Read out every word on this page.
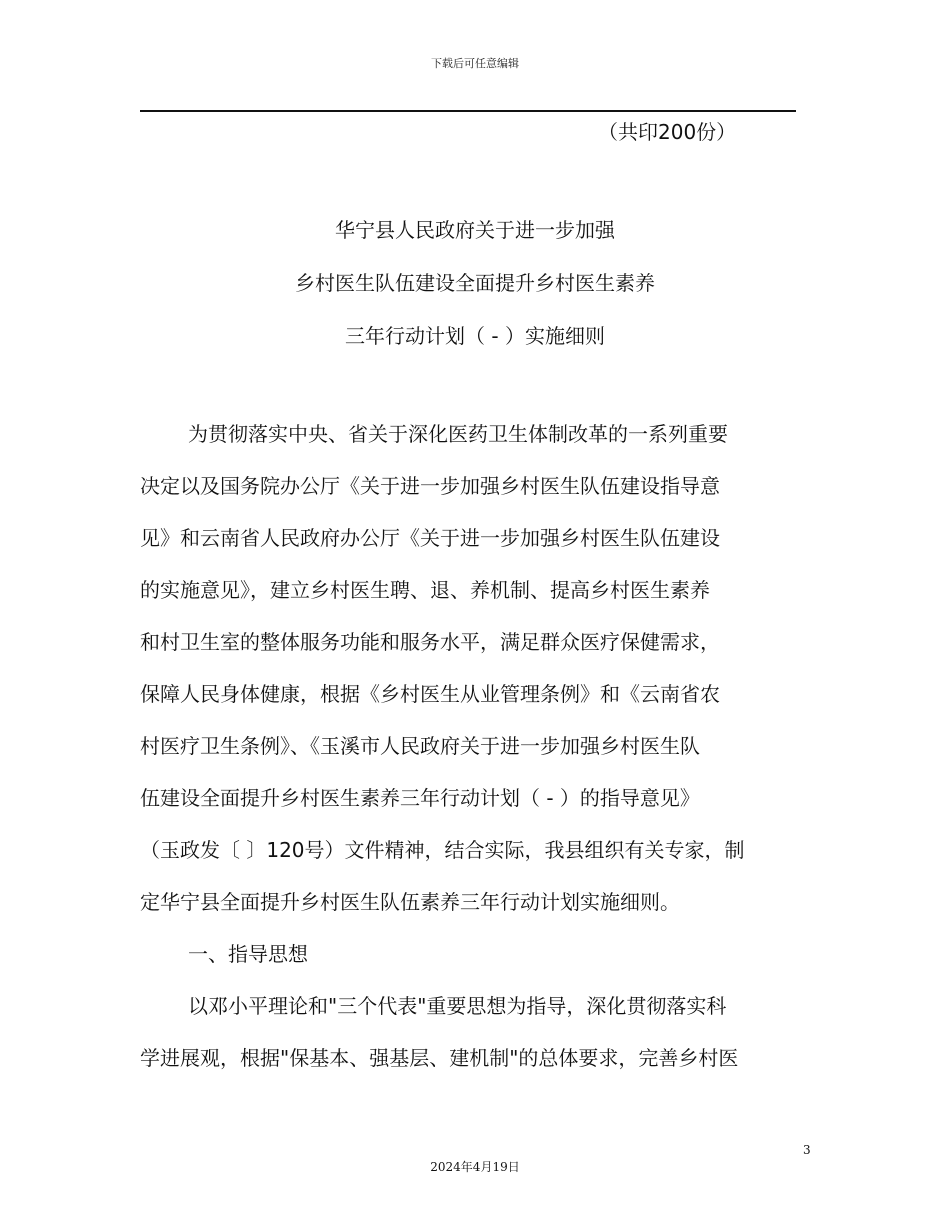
下载后可任意编辑
（共印200份）
华宁县人民政府关于进一步加强
乡村医生队伍建设全面提升乡村医生素养
三年行动计划（ - ）实施细则
为贯彻落实中央、省关于深化医药卫生体制改革的一系列重要
决定以及国务院办公厅《关于进一步加强乡村医生队伍建设指导意
见》和云南省人民政府办公厅《关于进一步加强乡村医生队伍建设
的实施意见》，建立乡村医生聘、退、养机制、提高乡村医生素养
和村卫生室的整体服务功能和服务水平，满足群众医疗保健需求，
保障人民身体健康，根据《乡村医生从业管理条例》和《云南省农
村医疗卫生条例》、《玉溪市人民政府关于进一步加强乡村医生队
伍建设全面提升乡村医生素养三年行动计划（ - ）的指导意见》
（玉政发〔 〕120号）文件精神，结合实际，我县组织有关专家，制
定华宁县全面提升乡村医生队伍素养三年行动计划实施细则。
一、指导思想
以邓小平理论和"三个代表"重要思想为指导，深化贯彻落实科
学进展观，根据"保基本、强基层、建机制"的总体要求，完善乡村医
3
2024年4月19日
